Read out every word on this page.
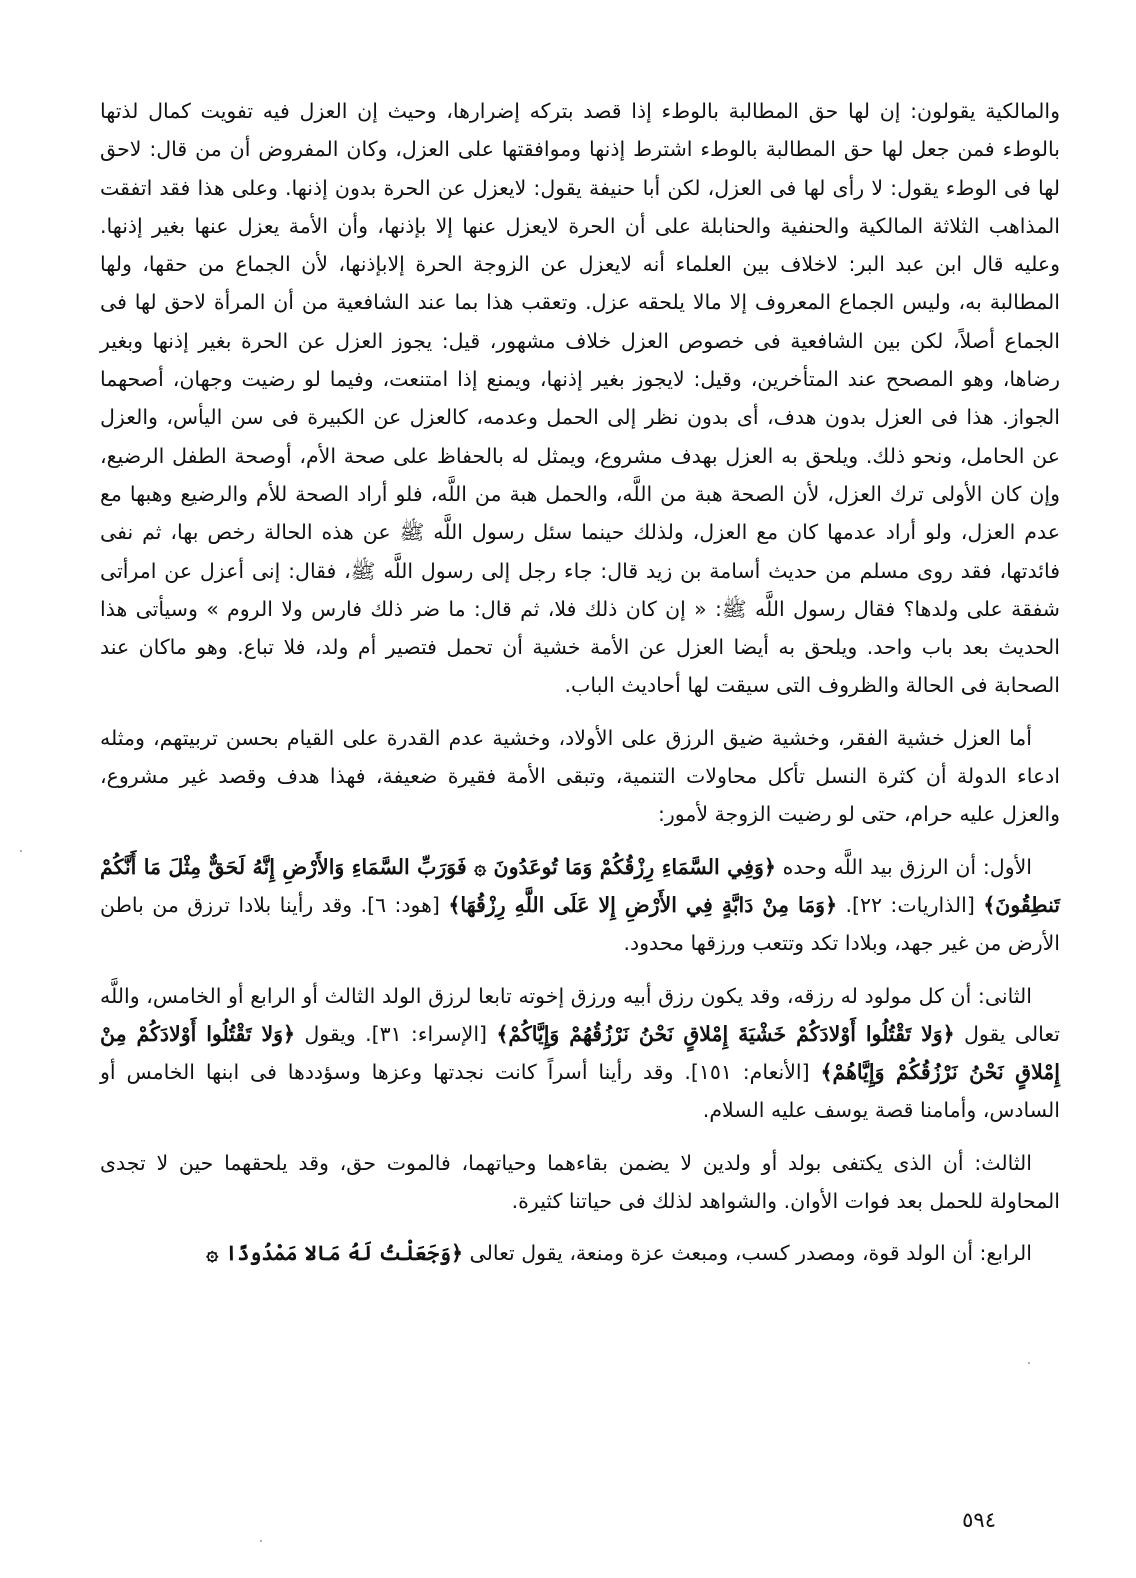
والمالكية يقولون: إن لها حق المطالبة بالوطء إذا قصد بتركه إضرارها، وحيث إن العزل فيه تفويت كمال لذتها بالوطء فمن جعل لها حق المطالبة بالوطء اشترط إذنها وموافقتها على العزل، وكان المفروض أن من قال: لاحق لها فى الوطء يقول: لا رأى لها فى العزل، لكن أبا حنيفة يقول: لايعزل عن الحرة بدون إذنها. وعلى هذا فقد اتفقت المذاهب الثلاثة المالكية والحنفية والحنابلة على أن الحرة لايعزل عنها إلا بإذنها، وأن الأمة يعزل عنها بغير إذنها. وعليه قال ابن عبد البر: لاخلاف بين العلماء أنه لايعزل عن الزوجة الحرة إلابإذنها، لأن الجماع من حقها، ولها المطالبة به، وليس الجماع المعروف إلا مالا يلحقه عزل. وتعقب هذا بما عند الشافعية من أن المرأة لاحق لها فى الجماع أصلاً، لكن بين الشافعية فى خصوص العزل خلاف مشهور، قيل: يجوز العزل عن الحرة بغير إذنها وبغير رضاها، وهو المصحح عند المتأخرين، وقيل: لايجوز بغير إذنها، ويمنع إذا امتنعت، وفيما لو رضيت وجهان، أصحهما الجواز. هذا فى العزل بدون هدف، أى بدون نظر إلى الحمل وعدمه، كالعزل عن الكبيرة فى سن اليأس، والعزل عن الحامل، ونحو ذلك. ويلحق به العزل بهدف مشروع، ويمثل له بالحفاظ على صحة الأم، أوصحة الطفل الرضيع، وإن كان الأولى ترك العزل، لأن الصحة هبة من اللَّه، والحمل هبة من اللَّه، فلو أراد الصحة للأم والرضيع وهبها مع عدم العزل، ولو أراد عدمها كان مع العزل، ولذلك حينما سئل رسول اللَّه ﷺ عن هذه الحالة رخص بها، ثم نفى فائدتها، فقد روى مسلم من حديث أسامة بن زيد قال: جاء رجل إلى رسول اللَّه ﷺ، فقال: إنى أعزل عن امرأتى شفقة على ولدها؟ فقال رسول اللَّه ﷺ: « إن كان ذلك فلا، ثم قال: ما ضر ذلك فارس ولا الروم » وسيأتى هذا الحديث بعد باب واحد. ويلحق به أيضا العزل عن الأمة خشية أن تحمل فتصير أم ولد، فلا تباع. وهو ماكان عند الصحابة فى الحالة والظروف التى سيقت لها أحاديث الباب.

أما العزل خشية الفقر، وخشية ضيق الرزق على الأولاد، وخشية عدم القدرة على القيام بحسن تربيتهم، ومثله ادعاء الدولة أن كثرة النسل تأكل محاولات التنمية، وتبقى الأمة فقيرة ضعيفة، فهذا هدف وقصد غير مشروع، والعزل عليه حرام، حتى لو رضيت الزوجة لأمور:

الأول: أن الرزق بيد اللَّه وحده ﴿وَفِي السَّمَاءِ رِزْقُكُمْ وَمَا تُوعَدُونَ ۞ فَوَرَبِّ السَّمَاءِ وَالأَرْضِ إِنَّهُ لَحَقٌّ مِثْلَ مَا أَنَّكُمْ تَنطِقُونَ﴾ [الذاريات: ٢٢]. ﴿وَمَا مِنْ دَابَّةٍ فِي الأَرْضِ إِلا عَلَى اللَّهِ رِزْقُهَا﴾ [هود: ٦]. وقد رأينا بلادا ترزق من باطن الأرض من غير جهد، وبلادا تكد وتتعب ورزقها محدود.

الثانى: أن كل مولود له رزقه، وقد يكون رزق أبيه ورزق إخوته تابعا لرزق الولد الثالث أو الرابع أو الخامس، واللَّه تعالى يقول ﴿وَلا تَقْتُلُوا أَوْلادَكُمْ خَشْيَةَ إِمْلاقٍ نَحْنُ نَرْزُقُهُمْ وَإِيَّاكُمْ﴾ [الإسراء: ٣١]. ويقول ﴿وَلا تَقْتُلُوا أَوْلادَكُمْ مِنْ إِمْلاقٍ نَحْنُ نَرْزُقُكُمْ وَإِيَّاهُمْ﴾ [الأنعام: ١٥١]. وقد رأينا أسراً كانت نجدتها وعزها وسؤددها فى ابنها الخامس أو السادس، وأمامنا قصة يوسف عليه السلام.

الثالث: أن الذى يكتفى بولد أو ولدين لا يضمن بقاءهما وحياتهما، فالموت حق، وقد يلحقهما حين لا تجدى المحاولة للحمل بعد فوات الأوان. والشواهد لذلك فى حياتنا كثيرة.

الرابع: أن الولد قوة، ومصدر كسب، ومبعث عزة ومنعة، يقول تعالى ﴿وَجَعَلْتُ لَهُ مَالا مَمْدُودًا ۞

٥٩٤
